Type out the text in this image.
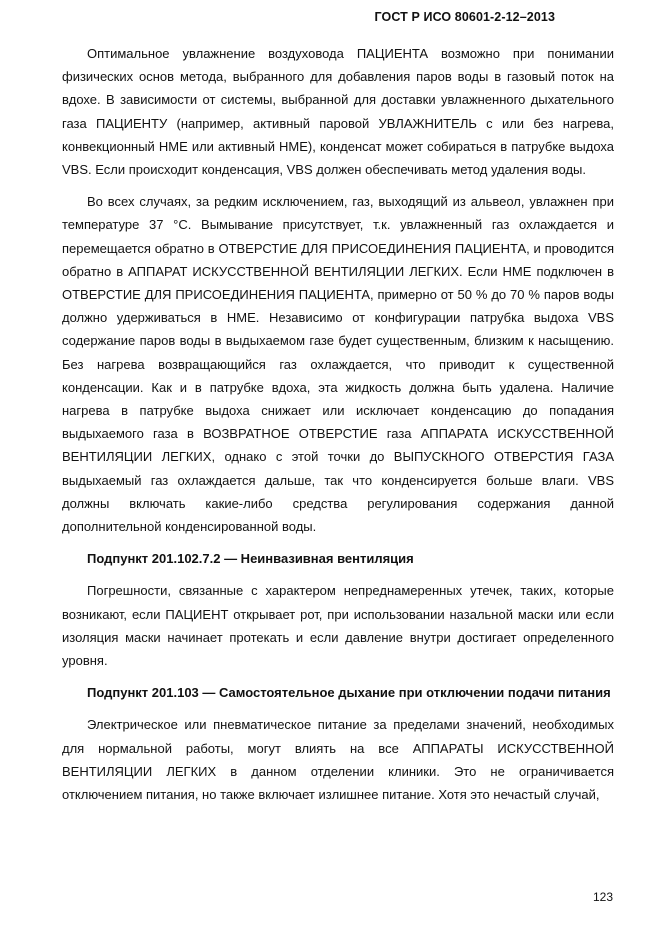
ГОСТ Р ИСО 80601-2-12–2013

Оптимальное увлажнение воздуховода ПАЦИЕНТА возможно при понимании физических основ метода, выбранного для добавления паров воды в газовый поток на вдохе. В зависимости от системы, выбранной для доставки увлажненного дыхательного газа ПАЦИЕНТУ (например, активный паровой УВЛАЖНИТЕЛЬ с или без нагрева, конвекционный НМЕ или активный НМЕ), конденсат может собираться в патрубке выдоха VBS. Если происходит конденсация, VBS должен обеспечивать метод удаления воды.

Во всех случаях, за редким исключением, газ, выходящий из альвеол, увлажнен при температуре 37 °С. Вымывание присутствует, т.к. увлажненный газ охлаждается и перемещается обратно в ОТВЕРСТИЕ ДЛЯ ПРИСОЕДИНЕНИЯ ПАЦИЕНТА, и проводится обратно в АППАРАТ ИСКУССТВЕННОЙ ВЕНТИЛЯЦИИ ЛЕГКИХ. Если НМЕ подключен в ОТВЕРСТИЕ ДЛЯ ПРИСОЕДИНЕНИЯ ПАЦИЕНТА, примерно от 50 % до 70 % паров воды должно удерживаться в НМЕ. Независимо от конфигурации патрубка выдоха VBS содержание паров воды в выдыхаемом газе будет существенным, близким к насыщению. Без нагрева возвращающийся газ охлаждается, что приводит к существенной конденсации. Как и в патрубке вдоха, эта жидкость должна быть удалена. Наличие нагрева в патрубке выдоха снижает или исключает конденсацию до попадания выдыхаемого газа в ВОЗВРАТНОЕ ОТВЕРСТИЕ газа АППАРАТА ИСКУССТВЕННОЙ ВЕНТИЛЯЦИИ ЛЕГКИХ, однако с этой точки до ВЫПУСКНОГО ОТВЕРСТИЯ ГАЗА выдыхаемый газ охлаждается дальше, так что конденсируется больше влаги. VBS должны включать какие-либо средства регулирования содержания данной дополнительной конденсированной воды.

Подпункт 201.102.7.2 — Неинвазивная вентиляция

Погрешности, связанные с характером непреднамеренных утечек, таких, которые возникают, если ПАЦИЕНТ открывает рот, при использовании назальной маски или если изоляция маски начинает протекать и если давление внутри достигает определенного уровня.

Подпункт 201.103 — Самостоятельное дыхание при отключении подачи питания

Электрическое или пневматическое питание за пределами значений, необходимых для нормальной работы, могут влиять на все АППАРАТЫ ИСКУССТВЕННОЙ ВЕНТИЛЯЦИИ ЛЕГКИХ в данном отделении клиники. Это не ограничивается отключением питания, но также включает излишнее питание. Хотя это нечастый случай,

123
